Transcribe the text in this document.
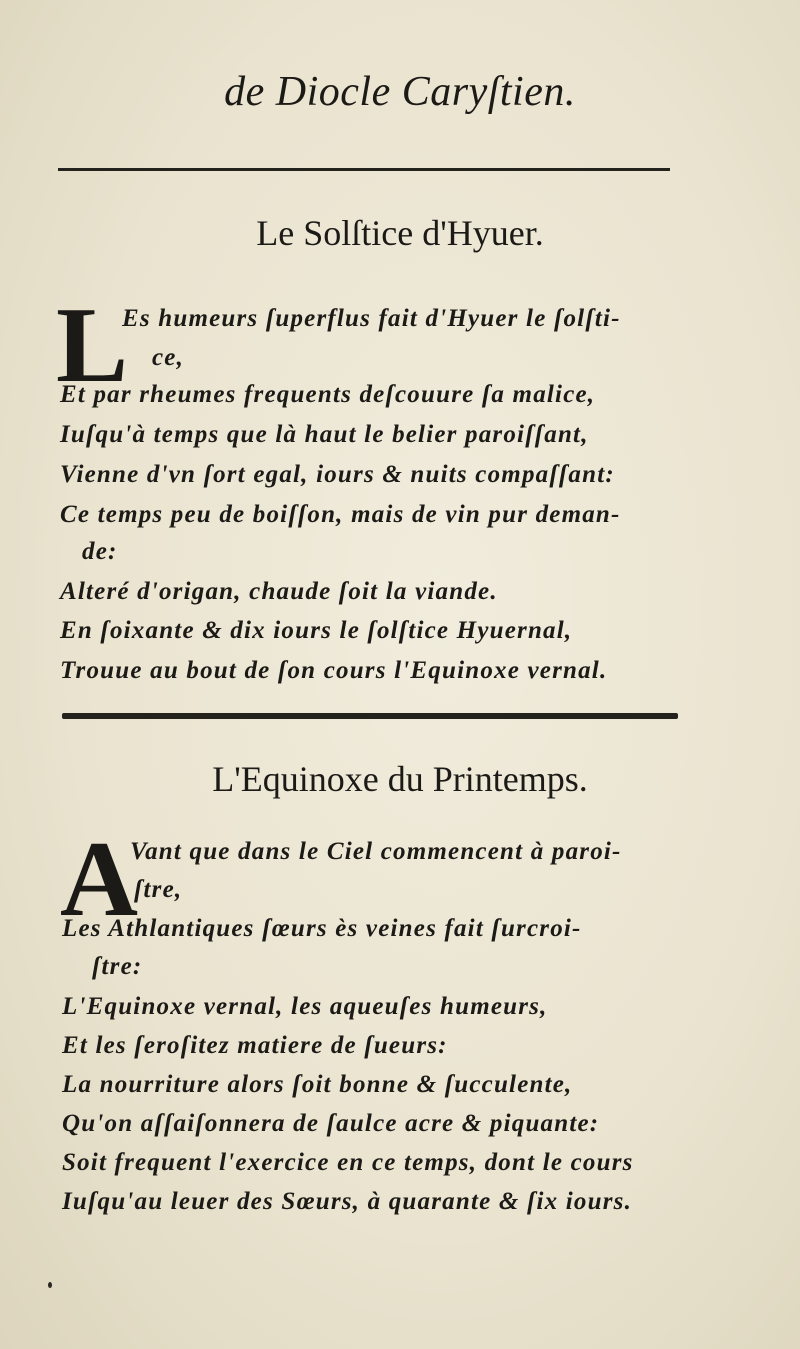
de Diocle Caryſtien.
Le Solſtice d'Hyuer.
L
Es humeurs ſuperflus fait d'Hyuer le ſolſti-
ce,
Et par rheumes frequents deſcouure ſa malice,
Iuſqu'à temps que là haut le belier paroiſſant,
Vienne d'vn ſort egal, iours & nuits compaſſant:
Ce temps peu de boiſſon, mais de vin pur deman-
de:
Alteré d'origan, chaude ſoit la viande.
En ſoixante & dix iours le ſolſtice Hyuernal,
Trouue au bout de ſon cours l'Equinoxe vernal.
L'Equinoxe du Printemps.
A
Vant que dans le Ciel commencent à paroi-
ſtre,
Les Athlantiques ſœurs ès veines fait ſurcroi-
ſtre:
L'Equinoxe vernal, les aqueuſes humeurs,
Et les ſeroſitez matiere de ſueurs:
La nourriture alors ſoit bonne & ſucculente,
Qu'on aſſaiſonnera de ſaulce acre & piquante:
Soit frequent l'exercice en ce temps, dont le cours
Iuſqu'au leuer des Sœurs, à quarante & ſix iours.
